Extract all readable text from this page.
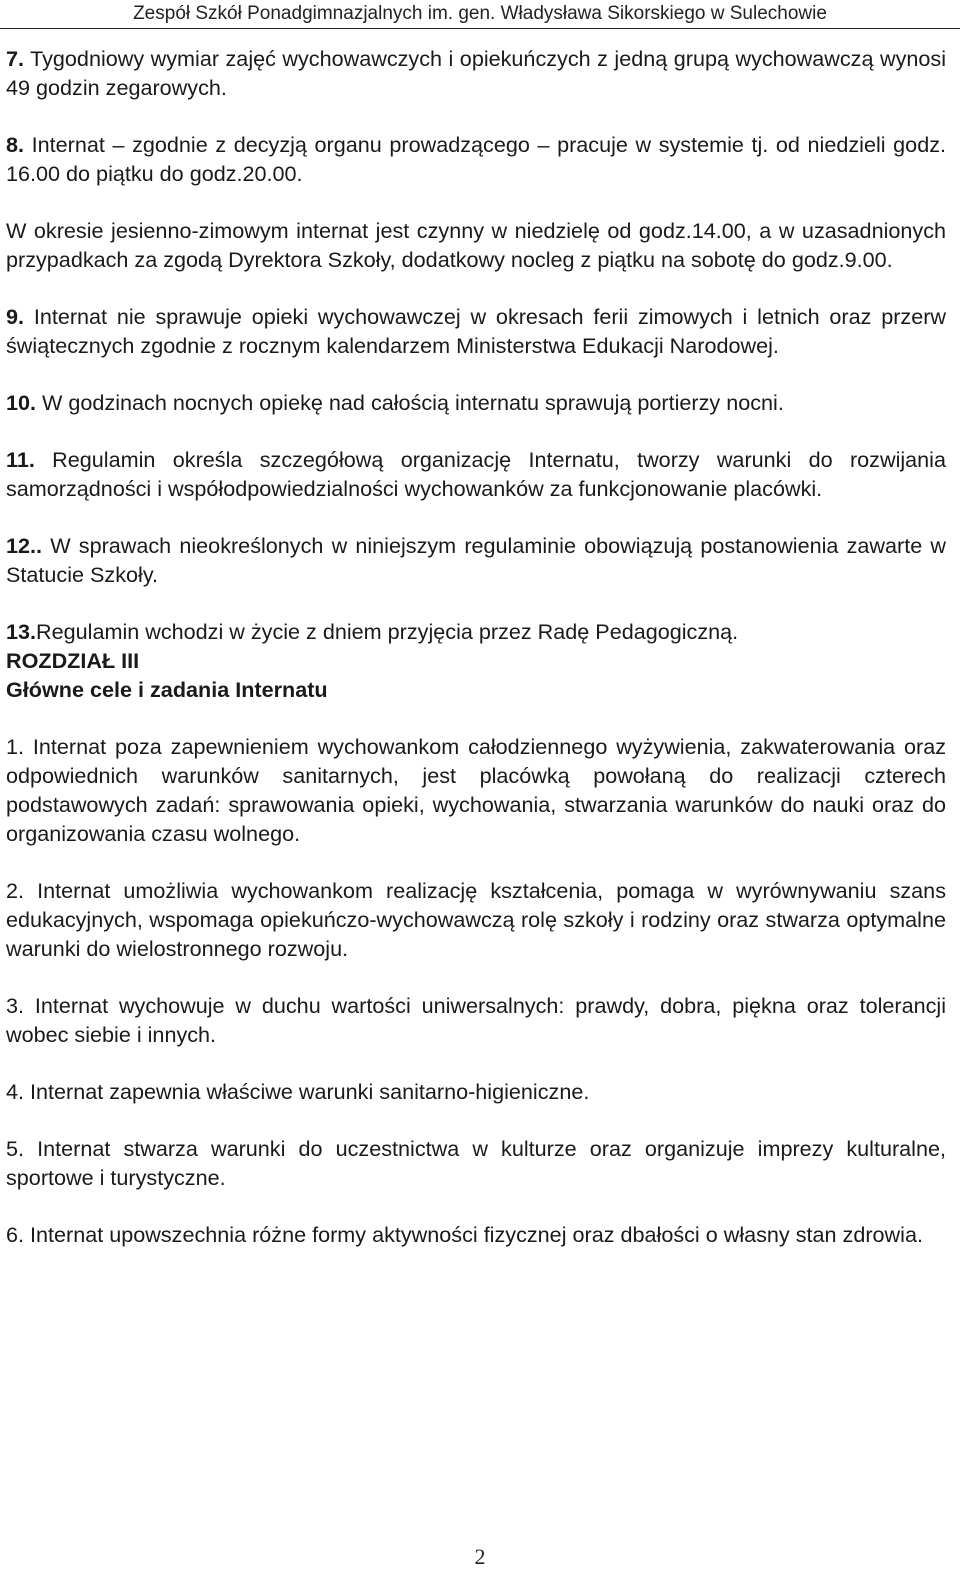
Zespół Szkół Ponadgimnazjalnych im. gen. Władysława Sikorskiego w Sulechowie

7. Tygodniowy wymiar zajęć wychowawczych i opiekuńczych z jedną grupą wychowawczą wynosi 49 godzin zegarowych.

8. Internat – zgodnie z decyzją organu prowadzącego – pracuje w systemie tj. od niedzieli godz. 16.00 do piątku do godz.20.00.

W okresie jesienno-zimowym internat jest czynny w niedzielę od godz.14.00, a w uzasadnionych przypadkach za zgodą Dyrektora Szkoły, dodatkowy nocleg z piątku na sobotę do godz.9.00.

9. Internat nie sprawuje opieki wychowawczej w okresach ferii zimowych i letnich oraz przerw świątecznych zgodnie z rocznym kalendarzem Ministerstwa Edukacji Narodowej.

10. W godzinach nocnych opiekę nad całością internatu sprawują portierzy nocni.

11. Regulamin określa szczegółową organizację Internatu, tworzy warunki do rozwijania samorządności i współodpowiedzialności wychowanków za funkcjonowanie placówki.

12.. W sprawach nieokreślonych w niniejszym regulaminie obowiązują postanowienia zawarte w Statucie Szkoły.

13.Regulamin wchodzi w życie z dniem przyjęcia przez Radę Pedagogiczną.

ROZDZIAŁ III

Główne cele i zadania Internatu

1. Internat poza zapewnieniem wychowankom całodziennego wyżywienia, zakwaterowania oraz odpowiednich warunków sanitarnych, jest placówką powołaną do realizacji czterech podstawowych zadań: sprawowania opieki, wychowania, stwarzania warunków do nauki oraz do organizowania czasu wolnego.

2. Internat umożliwia wychowankom realizację kształcenia, pomaga w wyrównywaniu szans edukacyjnych, wspomaga opiekuńczo-wychowawczą rolę szkoły i rodziny oraz stwarza optymalne warunki do wielostronnego rozwoju.

3. Internat wychowuje w duchu wartości uniwersalnych: prawdy, dobra, piękna oraz tolerancji wobec siebie i innych.

4. Internat zapewnia właściwe warunki sanitarno-higieniczne.

5. Internat stwarza warunki do uczestnictwa w kulturze oraz organizuje imprezy kulturalne, sportowe i turystyczne.

6. Internat upowszechnia różne formy aktywności fizycznej oraz dbałości o własny stan zdrowia.

2
